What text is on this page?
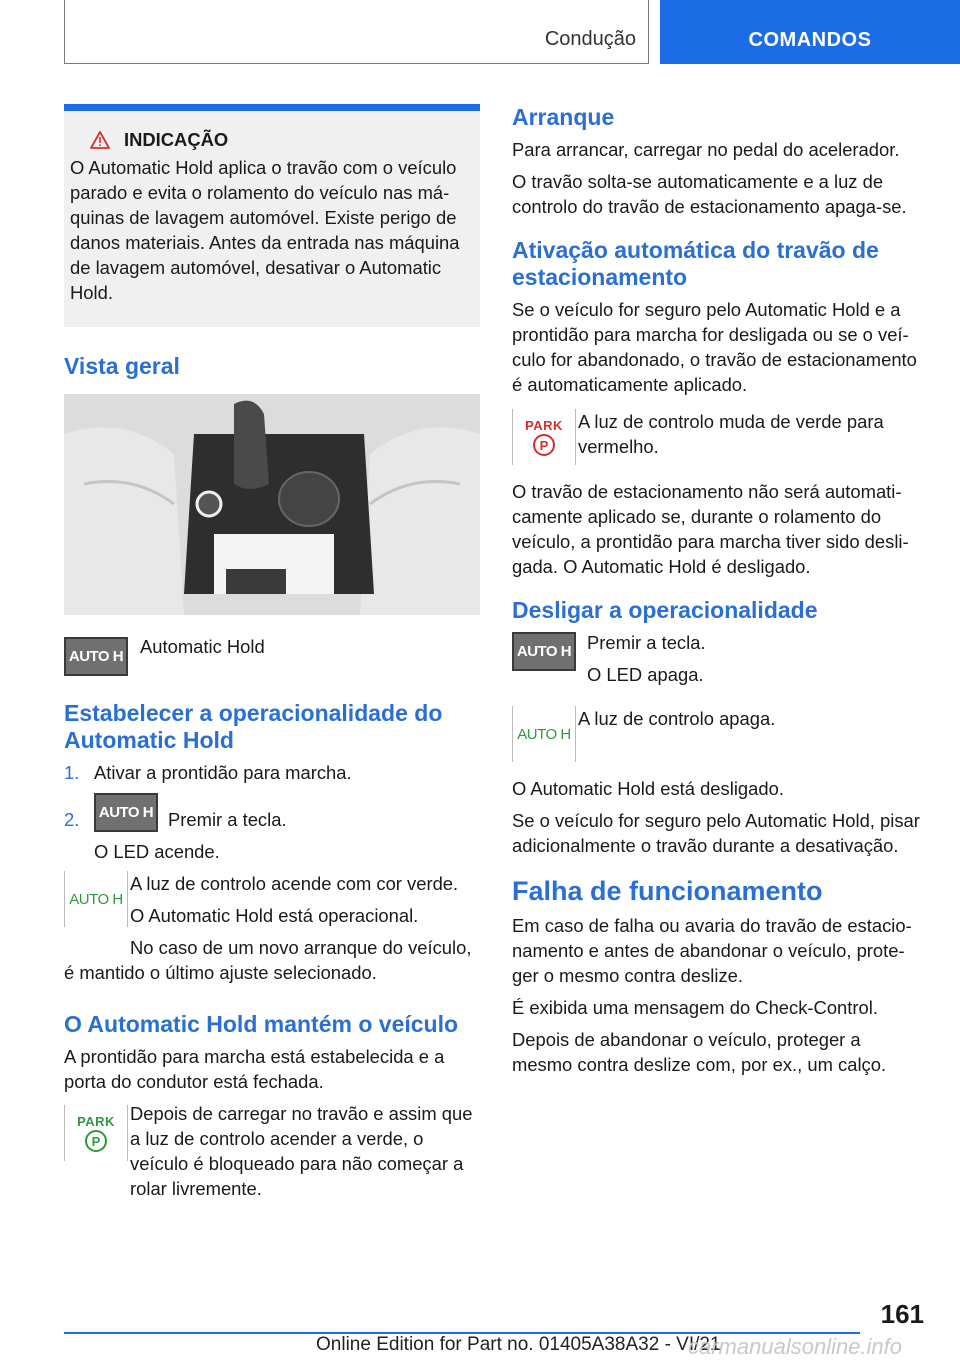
Condução	COMANDOS
INDICAÇÃO

O Automatic Hold aplica o travão com o veículo parado e evita o rolamento do veículo nas máquinas de lavagem automóvel. Existe perigo de danos materiais. Antes da entrada nas máquina de lavagem automóvel, desativar o Automatic Hold.

Vista geral
AUTO H Automatic Hold

Estabelecer a operacionalidade do Automatic Hold
1. Ativar a prontidão para marcha.
2.	AUTO H Premir a tecla.

O LED acende.

AUTO H

A luz de controlo acende com cor verde.

O Automatic Hold está operacional.

No caso de um novo arranque do veículo, é mantido o último ajuste selecionado.

O Automatic Hold mantém o veículo

A prontidão para marcha está estabelecida e a porta do condutor está fechada.

PARK
P

Depois de carregar no travão e assim que a luz de controlo acender a verde, o veículo é bloqueado para não começar a rolar livremente.

Arranque

Para arrancar, carregar no pedal do acelerador.

O travão solta-se automaticamente e a luz de controlo do travão de estacionamento apaga-se.

Ativação automática do travão de estacionamento

Se o veículo for seguro pelo Automatic Hold e a prontidão para marcha for desligada ou se o veículo for abandonado, o travão de estacionamento é automaticamente aplicado.

PARK
P

A luz de controlo muda de verde para vermelho.

O travão de estacionamento não será automaticamente aplicado se, durante o rolamento do veículo, a prontidão para marcha tiver sido desligada. O Automatic Hold é desligado.

Desligar a operacionalidade
AUTO H Premir a tecla.

O LED apaga.

AUTO H

A luz de controlo apaga.

O Automatic Hold está desligado.

Se o veículo for seguro pelo Automatic Hold, pisar adicionalmente o travão durante a desativação.

Falha de funcionamento

Em caso de falha ou avaria do travão de estacionamento e antes de abandonar o veículo, proteger o mesmo contra deslize.

É exibida uma mensagem do Check-Control.

Depois de abandonar o veículo, proteger a mesmo contra deslize com, por ex., um calço.

161
Online Edition for Part no. 01405A38A32 - VI/21
carmanualsonline.info
